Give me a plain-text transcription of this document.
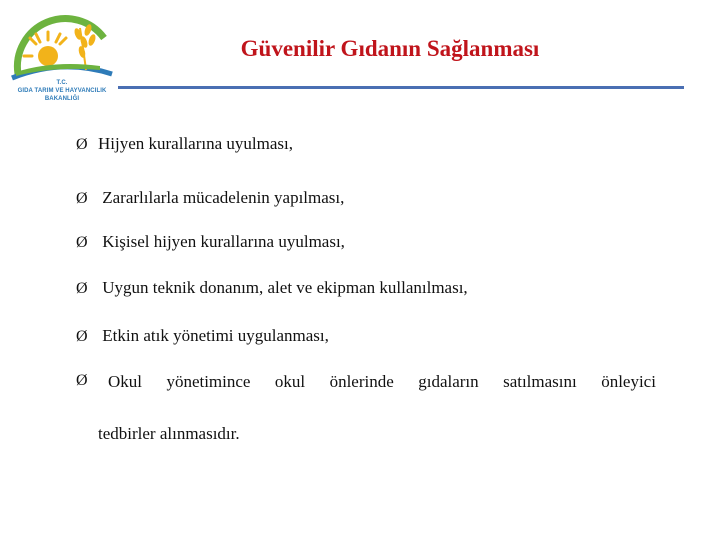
T.C.
GIDA TARIM VE HAYVANCILIK
BAKANLIĞI
Güvenilir Gıdanın Sağlanması
Ø Hijyen kurallarına uyulması,
Ø Zararlılarla mücadelenin yapılması,
Ø Kişisel hijyen kurallarına uyulması,
Ø Uygun teknik donanım, alet ve ekipman kullanılması,
Ø Etkin atık yönetimi uygulanması,
Ø	Okul yönetimince okul önlerinde gıdaların satılmasını önleyici
tedbirler alınmasıdır.
